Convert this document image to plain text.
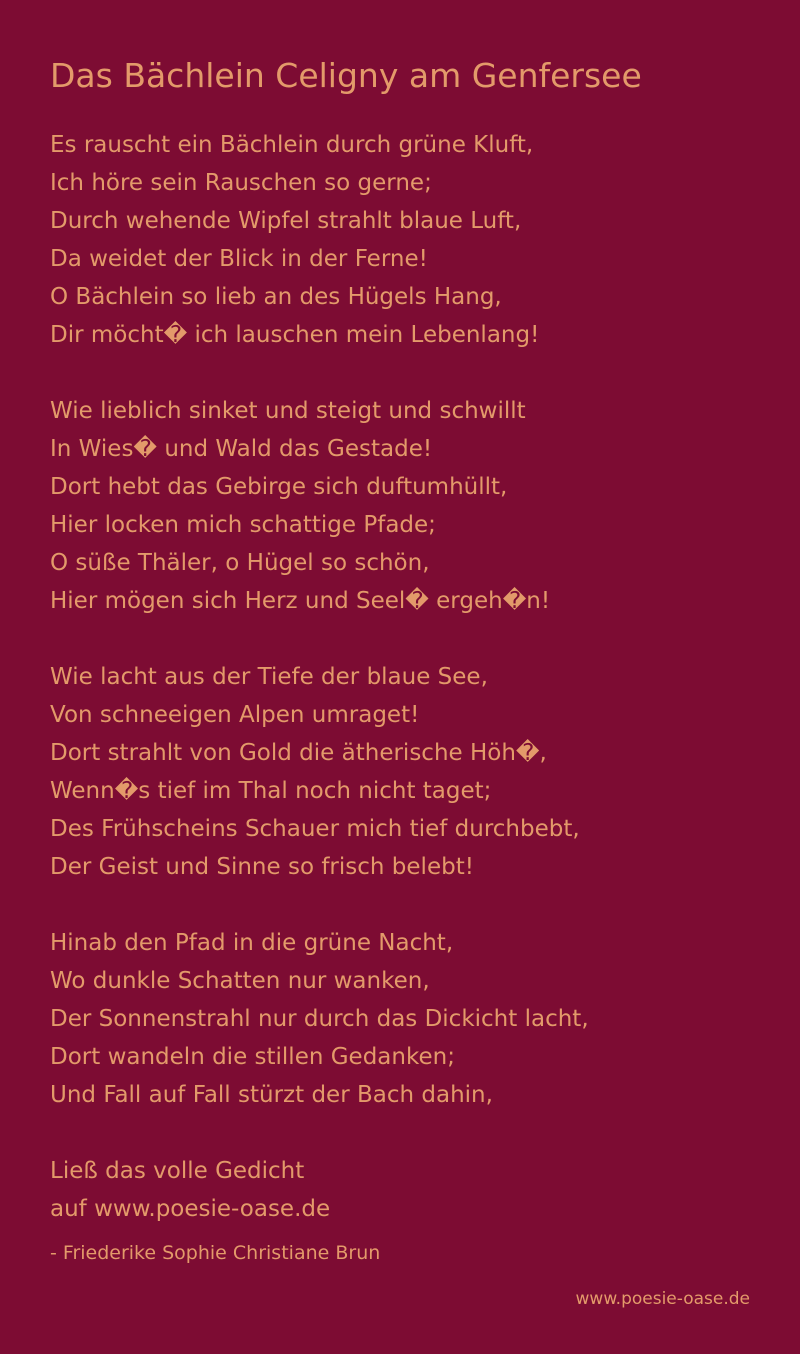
Das Bächlein Celigny am Genfersee
Es rauscht ein Bächlein durch grüne Kluft,
Ich höre sein Rauschen so gerne;
Durch wehende Wipfel strahlt blaue Luft,
Da weidet der Blick in der Ferne!
O Bächlein so lieb an des Hügels Hang,
Dir möcht� ich lauschen mein Lebenlang!
Wie lieblich sinket und steigt und schwillt
In Wies� und Wald das Gestade!
Dort hebt das Gebirge sich duftumhüllt,
Hier locken mich schattige Pfade;
O süße Thäler, o Hügel so schön,
Hier mögen sich Herz und Seel� ergeh�n!
Wie lacht aus der Tiefe der blaue See,
Von schneeigen Alpen umraget!
Dort strahlt von Gold die ätherische Höh�,
Wenn�s tief im Thal noch nicht taget;
Des Frühscheins Schauer mich tief durchbebt,
Der Geist und Sinne so frisch belebt!
Hinab den Pfad in die grüne Nacht,
Wo dunkle Schatten nur wanken,
Der Sonnenstrahl nur durch das Dickicht lacht,
Dort wandeln die stillen Gedanken;
Und Fall auf Fall stürzt der Bach dahin,
Ließ das volle Gedicht
auf www.poesie-oase.de
- Friederike Sophie Christiane Brun
www.poesie-oase.de
